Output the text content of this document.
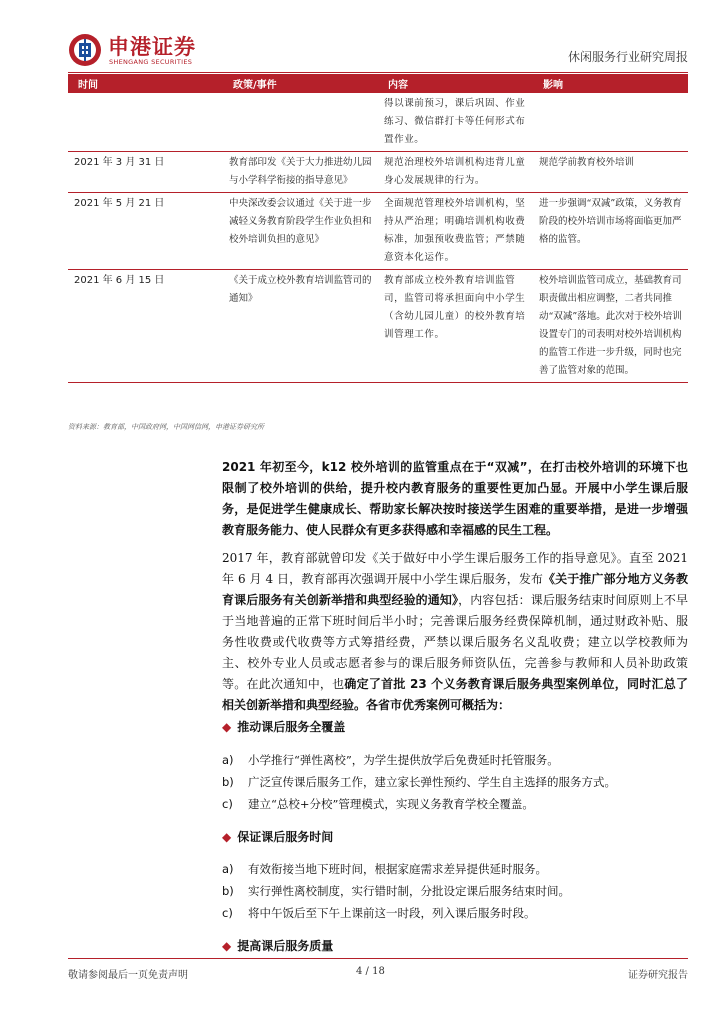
申港证券
SHENGANG SECURITIES	休闲服务行业研究周报
时间	政策/事件	内容	影响
		得以课前预习，课后巩固、作业练习、微信群打卡等任何形式布置作业。	
2021 年 3 月 31 日	教育部印发《关于大力推进幼儿园与小学科学衔接的指导意见》	规范治理校外培训机构违背儿童身心发展规律的行为。	规范学前教育校外培训
2021 年 5 月 21 日	中央深改委会议通过《关于进一步减轻义务教育阶段学生作业负担和校外培训负担的意见》	全面规范管理校外培训机构，坚持从严治理；明确培训机构收费标准，加强预收费监管；严禁随意资本化运作。	进一步强调“双减”政策，义务教育阶段的校外培训市场将面临更加严格的监管。
2021 年 6 月 15 日	《关于成立校外教育培训监管司的通知》	教育部成立校外教育培训监管司，监管司将承担面向中小学生（含幼儿园儿童）的校外教育培训管理工作。	校外培训监管司成立，基础教育司职责做出相应调整，二者共同推动“双减”落地。此次对于校外培训设置专门的司表明对校外培训机构的监管工作进一步升级，同时也完善了监管对象的范围。
资料来源：教育部，中国政府网，中国网信网，申港证券研究所
2021 年初至今，k12 校外培训的监管重点在于“双减”，在打击校外培训的环境下也限制了校外培训的供给，提升校内教育服务的重要性更加凸显。开展中小学生课后服务，是促进学生健康成长、帮助家长解决按时接送学生困难的重要举措，是进一步增强教育服务能力、使人民群众有更多获得感和幸福感的民生工程。
2017 年，教育部就曾印发《关于做好中小学生课后服务工作的指导意见》。直至 2021 年 6 月 4 日，教育部再次强调开展中小学生课后服务，发布《关于推广部分地方义务教育课后服务有关创新举措和典型经验的通知》，内容包括：课后服务结束时间原则上不早于当地普遍的正常下班时间后半小时；完善课后服务经费保障机制，通过财政补贴、服务性收费或代收费等方式筹措经费，严禁以课后服务名义乱收费；建立以学校教师为主、校外专业人员或志愿者参与的课后服务师资队伍，完善参与教师和人员补助政策等。在此次通知中，也确定了首批 23 个义务教育课后服务典型案例单位，同时汇总了相关创新举措和典型经验。各省市优秀案例可概括为：
◆ 推动课后服务全覆盖
a) 小学推行“弹性离校”，为学生提供放学后免费延时托管服务。
b) 广泛宣传课后服务工作，建立家长弹性预约、学生自主选择的服务方式。
c) 建立“总校+分校”管理模式，实现义务教育学校全覆盖。
◆ 保证课后服务时间
a) 有效衔接当地下班时间，根据家庭需求差异提供延时服务。
b) 实行弹性离校制度，实行错时制，分批设定课后服务结束时间。
c) 将中午饭后至下午上课前这一时段，列入课后服务时段。
◆ 提高课后服务质量
敬请参阅最后一页免责声明	4 / 18	证券研究报告
